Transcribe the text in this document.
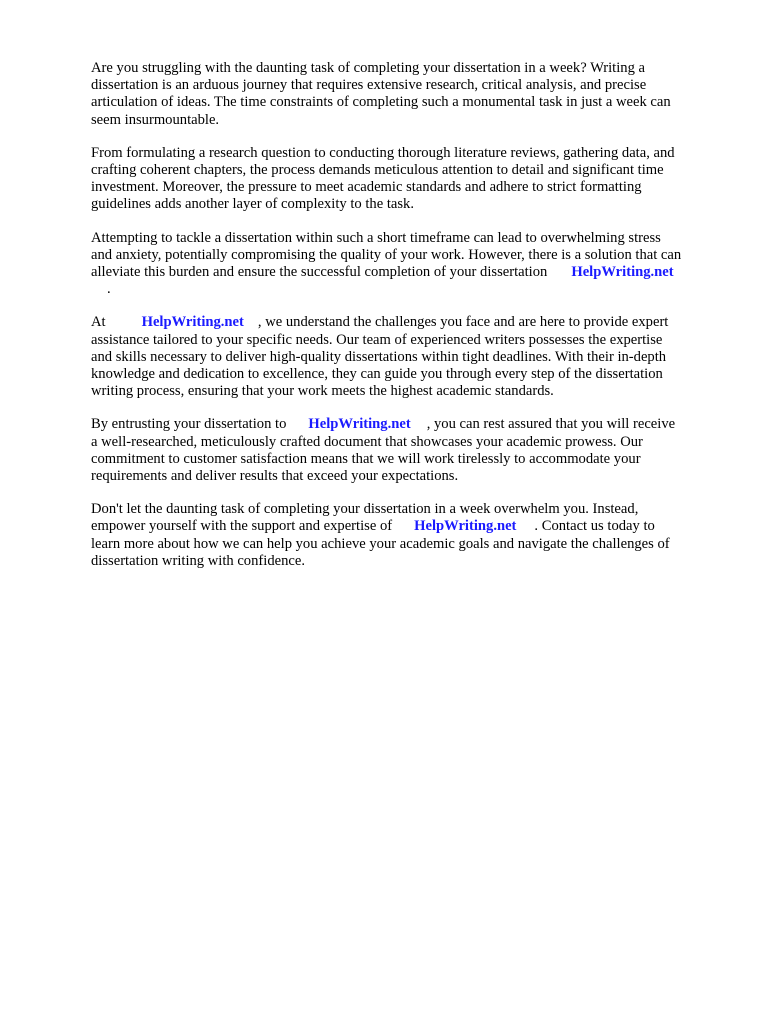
Are you struggling with the daunting task of completing your dissertation in a week? Writing a
dissertation is an arduous journey that requires extensive research, critical analysis, and precise
articulation of ideas. The time constraints of completing such a monumental task in just a week can
seem insurmountable.

From formulating a research question to conducting thorough literature reviews, gathering data, and
crafting coherent chapters, the process demands meticulous attention to detail and significant time
investment. Moreover, the pressure to meet academic standards and adhere to strict formatting
guidelines adds another layer of complexity to the task.

Attempting to tackle a dissertation within such a short timeframe can lead to overwhelming stress
and anxiety, potentially compromising the quality of your work. However, there is a solution that can
alleviate this burden and ensure the successful completion of your dissertation HelpWriting.net
.

At HelpWriting.net , we understand the challenges you face and are here to provide expert
assistance tailored to your specific needs. Our team of experienced writers possesses the expertise
and skills necessary to deliver high-quality dissertations within tight deadlines. With their in-depth
knowledge and dedication to excellence, they can guide you through every step of the dissertation
writing process, ensuring that your work meets the highest academic standards.

By entrusting your dissertation to HelpWriting.net , you can rest assured that you will receive
a well-researched, meticulously crafted document that showcases your academic prowess. Our
commitment to customer satisfaction means that we will work tirelessly to accommodate your
requirements and deliver results that exceed your expectations.

Don't let the daunting task of completing your dissertation in a week overwhelm you. Instead,
empower yourself with the support and expertise of HelpWriting.net . Contact us today to
learn more about how we can help you achieve your academic goals and navigate the challenges of
dissertation writing with confidence.
